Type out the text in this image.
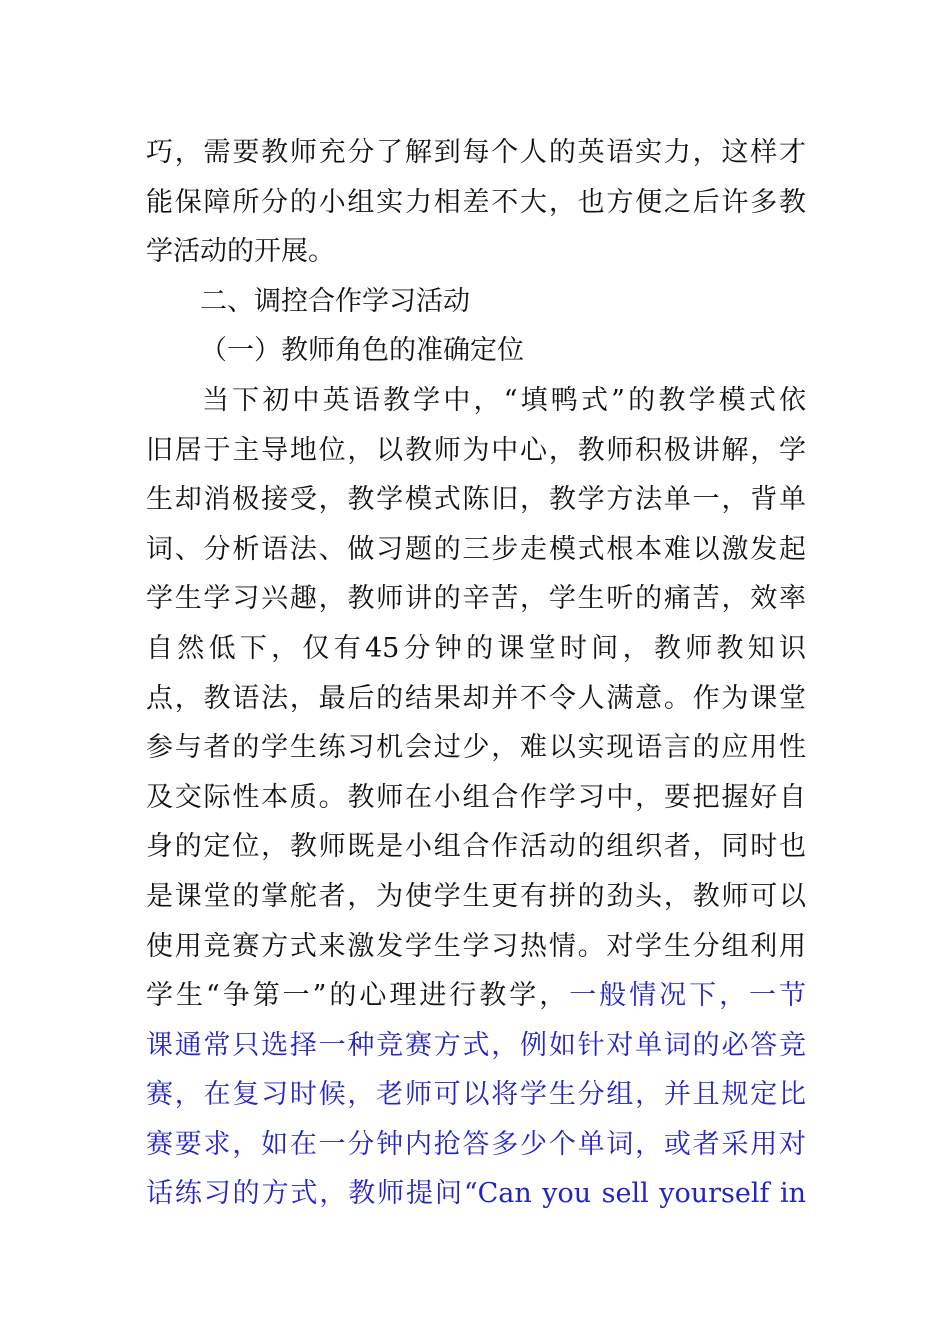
巧，需要教师充分了解到每个人的英语实力，这样才
能保障所分的小组实力相差不大，也方便之后许多教
学活动的开展。
二、调控合作学习活动
（一）教师角色的准确定位
当下初中英语教学中，“填鸭式”的教学模式依
旧居于主导地位，以教师为中心，教师积极讲解，学
生却消极接受，教学模式陈旧，教学方法单一，背单
词、分析语法、做习题的三步走模式根本难以激发起
学生学习兴趣，教师讲的辛苦，学生听的痛苦，效率
自然低下，仅有45分钟的课堂时间，教师教知识
点，教语法，最后的结果却并不令人满意。作为课堂
参与者的学生练习机会过少，难以实现语言的应用性
及交际性本质。教师在小组合作学习中，要把握好自
身的定位，教师既是小组合作活动的组织者，同时也
是课堂的掌舵者，为使学生更有拼的劲头，教师可以
使用竞赛方式来激发学生学习热情。对学生分组利用
学生“争第一”的心理进行教学，一般情况下，一节
课通常只选择一种竞赛方式，例如针对单词的必答竞
赛，在复习时候，老师可以将学生分组，并且规定比
赛要求，如在一分钟内抢答多少个单词，或者采用对
话练习的方式，教师提问“Can you sell yourself in
